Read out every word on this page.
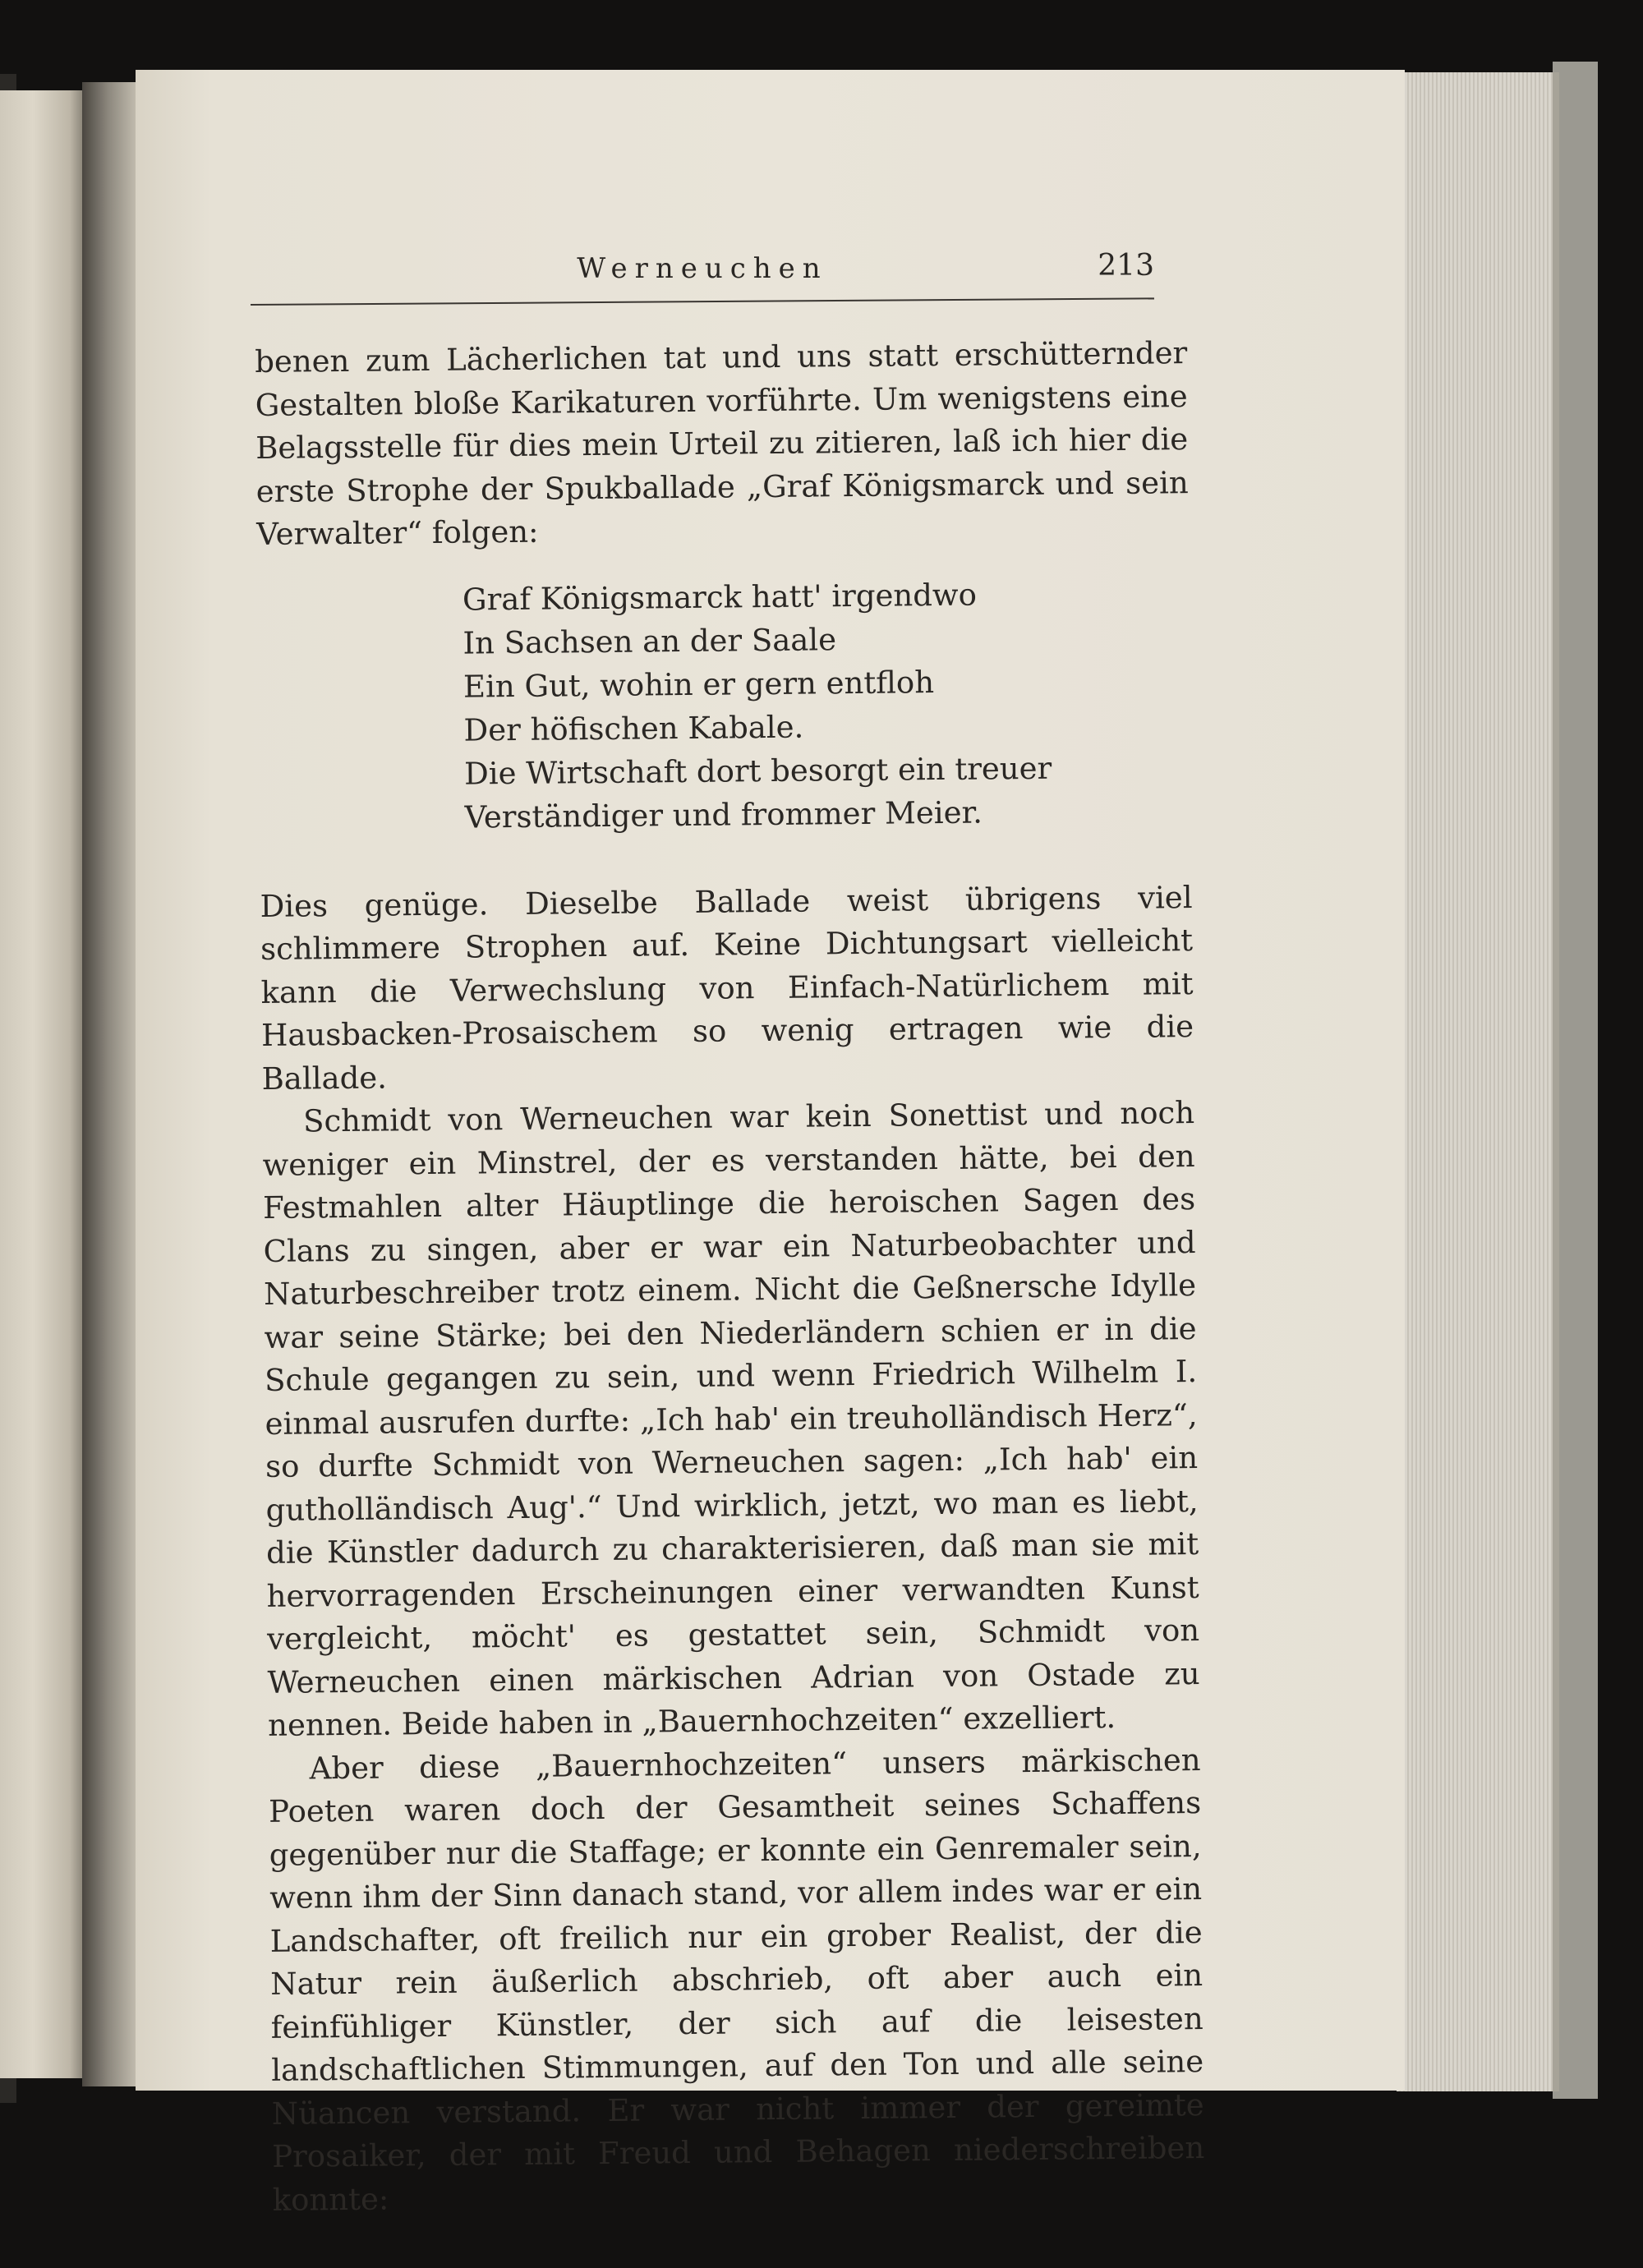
Werneuchen	213

benen zum Lächerlichen tat und uns statt erschütternder Gestalten bloße Karikaturen vorführte. Um wenigstens eine Belagsstelle für dies mein Urteil zu zitieren, laß ich hier die erste Strophe der Spukballade „Graf Königsmarck und sein Verwalter“ folgen:

Graf Königsmarck hatt' irgendwo
In Sachsen an der Saale
Ein Gut, wohin er gern entfloh
Der höfischen Kabale.
Die Wirtschaft dort besorgt ein treuer
Verständiger und frommer Meier.

Dies genüge. Dieselbe Ballade weist übrigens viel schlimmere Strophen auf. Keine Dichtungsart vielleicht kann die Verwechslung von Einfach-Natürlichem mit Hausbacken-Prosaischem so wenig ertragen wie die Ballade.

Schmidt von Werneuchen war kein Sonettist und noch weniger ein Minstrel, der es verstanden hätte, bei den Festmahlen alter Häuptlinge die heroischen Sagen des Clans zu singen, aber er war ein Naturbeobachter und Naturbeschreiber trotz einem. Nicht die Geßnersche Idylle war seine Stärke; bei den Niederländern schien er in die Schule gegangen zu sein, und wenn Friedrich Wilhelm I. einmal ausrufen durfte: „Ich hab' ein treuholländisch Herz“, so durfte Schmidt von Werneuchen sagen: „Ich hab' ein gutholländisch Aug'.“ Und wirklich, jetzt, wo man es liebt, die Künstler dadurch zu charakterisieren, daß man sie mit hervorragenden Erscheinungen einer verwandten Kunst vergleicht, möcht' es gestattet sein, Schmidt von Werneuchen einen märkischen Adrian von Ostade zu nennen. Beide haben in „Bauernhochzeiten“ exzelliert.

Aber diese „Bauernhochzeiten“ unsers märkischen Poeten waren doch der Gesamtheit seines Schaffens gegenüber nur die Staffage; er konnte ein Genremaler sein, wenn ihm der Sinn danach stand, vor allem indes war er ein Landschafter, oft freilich nur ein grober Realist, der die Natur rein äußerlich abschrieb, oft aber auch ein feinfühliger Künstler, der sich auf die leisesten landschaftlichen Stimmungen, auf den Ton und alle seine Nüancen verstand. Er war nicht immer der gereimte Prosaiker, der mit Freud und Behagen niederschreiben konnte:
